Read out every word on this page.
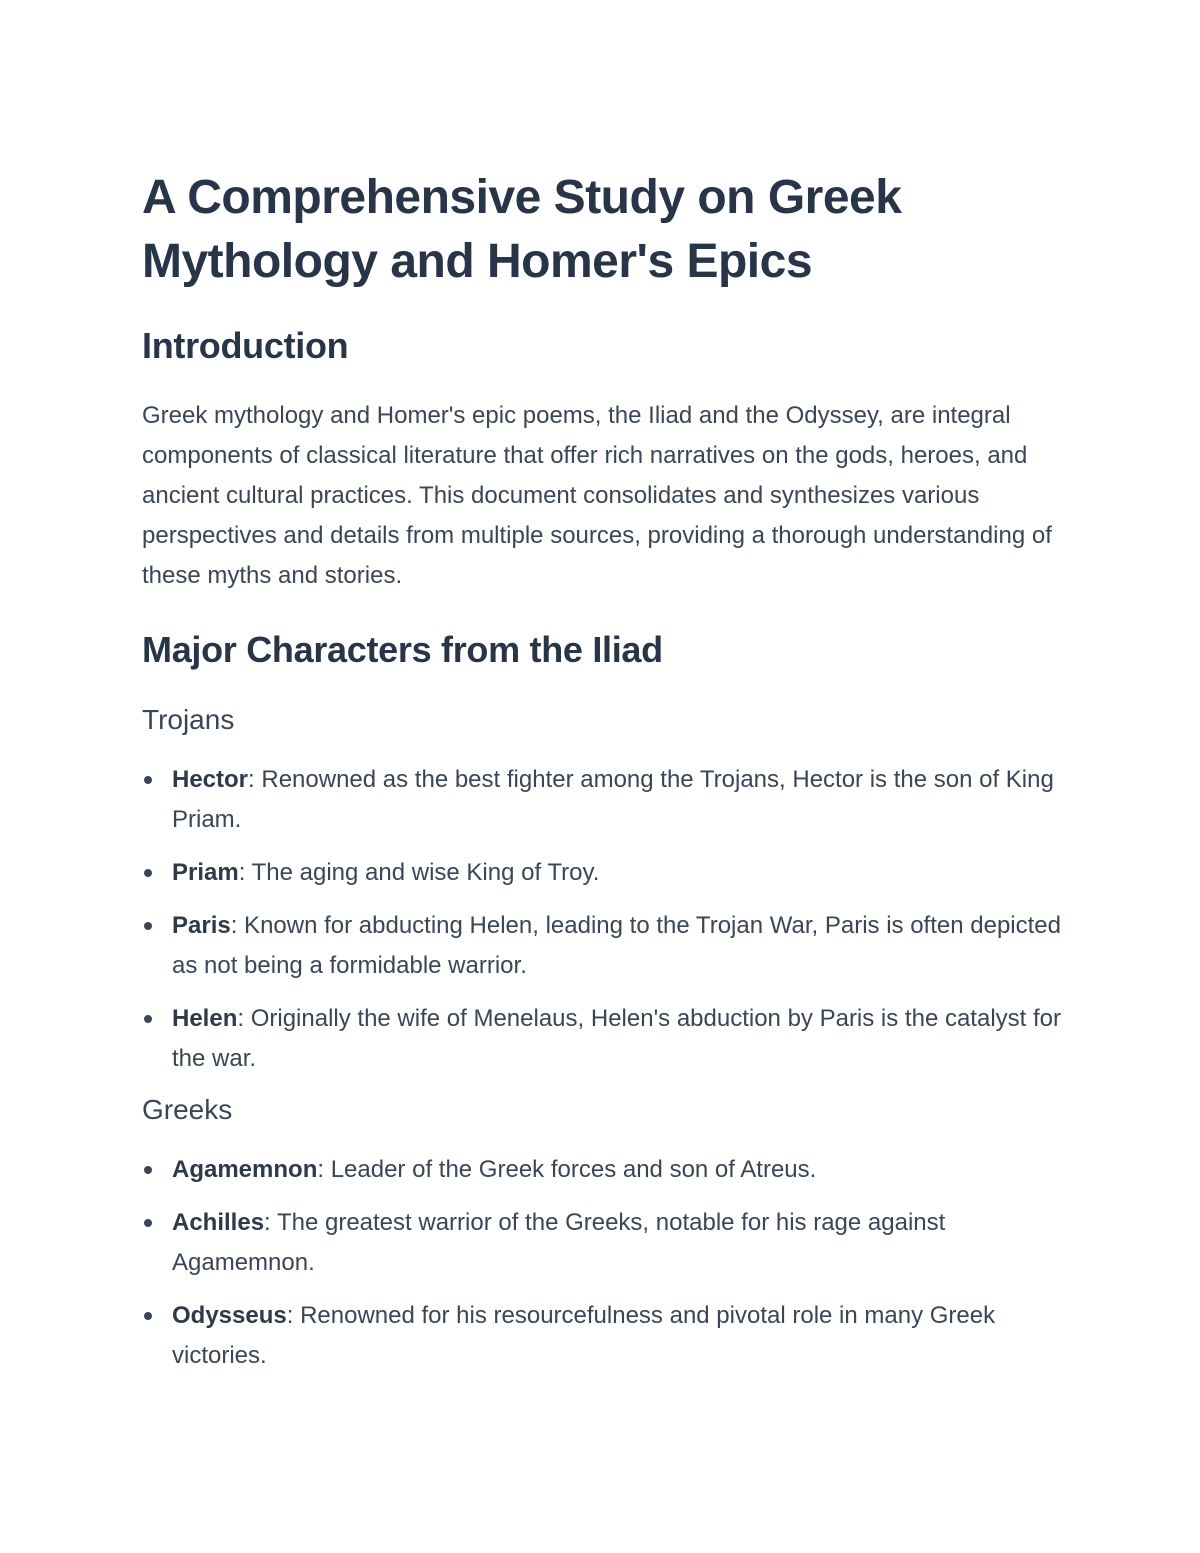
A Comprehensive Study on Greek Mythology and Homer's Epics
Introduction

Greek mythology and Homer's epic poems, the Iliad and the Odyssey, are integral components of classical literature that offer rich narratives on the gods, heroes, and ancient cultural practices. This document consolidates and synthesizes various perspectives and details from multiple sources, providing a thorough understanding of these myths and stories.

Major Characters from the Iliad
Trojans
Hector: Renowned as the best fighter among the Trojans, Hector is the son of King Priam.
Priam: The aging and wise King of Troy.
Paris: Known for abducting Helen, leading to the Trojan War, Paris is often depicted as not being a formidable warrior.
Helen: Originally the wife of Menelaus, Helen's abduction by Paris is the catalyst for the war.
Greeks
Agamemnon: Leader of the Greek forces and son of Atreus.
Achilles: The greatest warrior of the Greeks, notable for his rage against Agamemnon.
Odysseus: Renowned for his resourcefulness and pivotal role in many Greek victories.
